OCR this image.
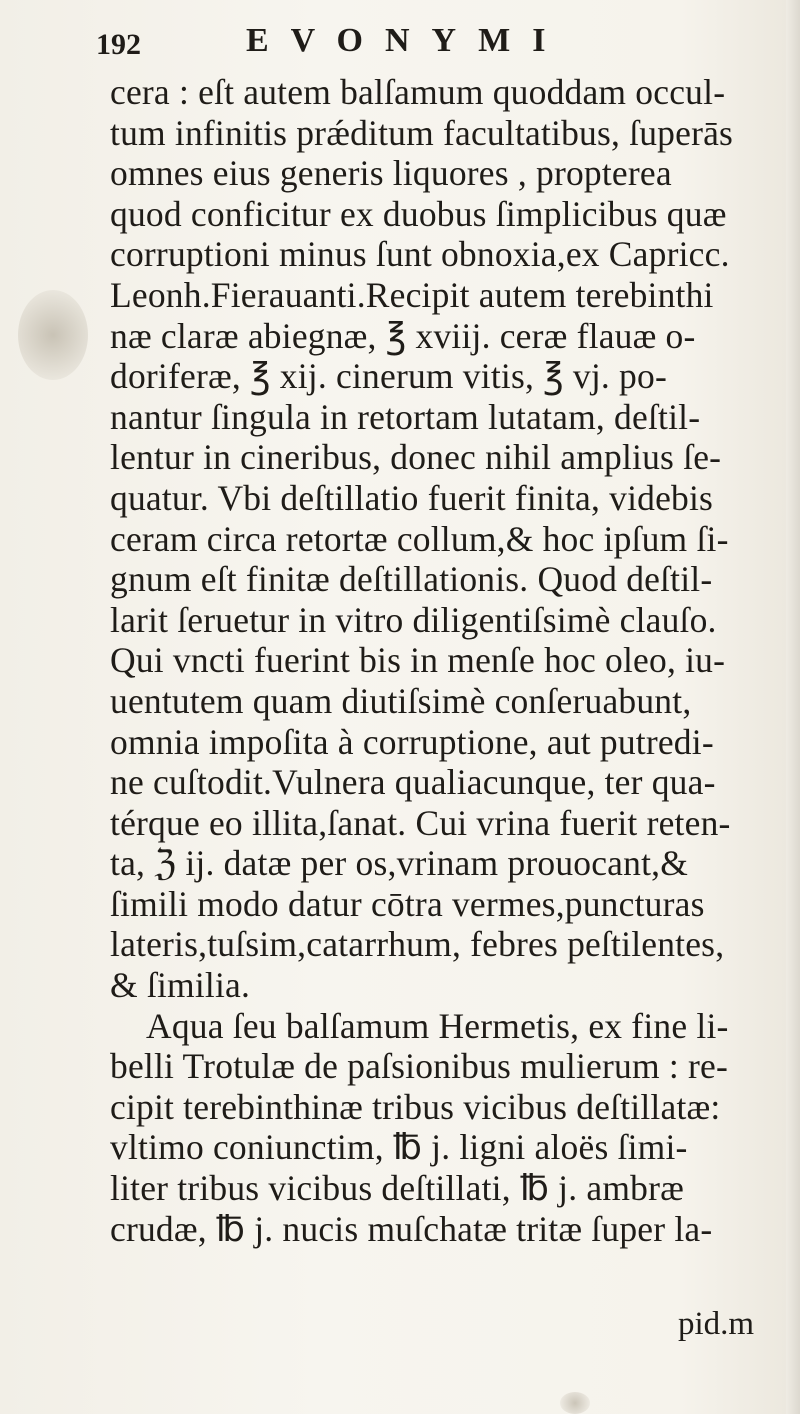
192	EVONYMI
cera : eſt autem balſamum quoddam occul-
tum infinitis prǽditum facultatibus, ſuperās
omnes eius generis liquores , propterea
quod conficitur ex duobus ſimplicibus quæ
corruptioni minus ſunt obnoxia,ex Capricc.
Leonh.Fierauanti.Recipit autem terebinthi
næ claræ abiegnæ, ℥ xviij. ceræ flauæ o-
doriferæ, ℥ xij. cinerum vitis, ℥ vj. po-
nantur ſingula in retortam lutatam, deſtil-
lentur in cineribus, donec nihil amplius ſe-
quatur. Vbi deſtillatio fuerit finita, videbis
ceram circa retortæ collum,& hoc ipſum ſi-
gnum eſt finitæ deſtillationis. Quod deſtil-
larit ſeruetur in vitro diligentiſsimè clauſo.
Qui vncti fuerint bis in menſe hoc oleo, iu-
uentutem quam diutiſsimè conſeruabunt,
omnia impoſita à corruptione, aut putredi-
ne cuſtodit.Vulnera qualiacunque, ter qua-
térque eo illita,ſanat. Cui vrina fuerit reten-
ta, ℨ ij. datæ per os,vrinam prouocant,&
ſimili modo datur cōtra vermes,puncturas
lateris,tuſsim,catarrhum, febres peſtilentes,
& ſimilia.
Aqua ſeu balſamum Hermetis, ex fine li-
belli Trotulæ de paſsionibus mulierum : re-
cipit terebinthinæ tribus vicibus deſtillatæ:
vltimo coniunctim, ℔ j. ligni aloës ſimi-
liter tribus vicibus deſtillati, ℔ j. ambræ
crudæ, ℔ j. nucis muſchatæ tritæ ſuper la-
pid.m
